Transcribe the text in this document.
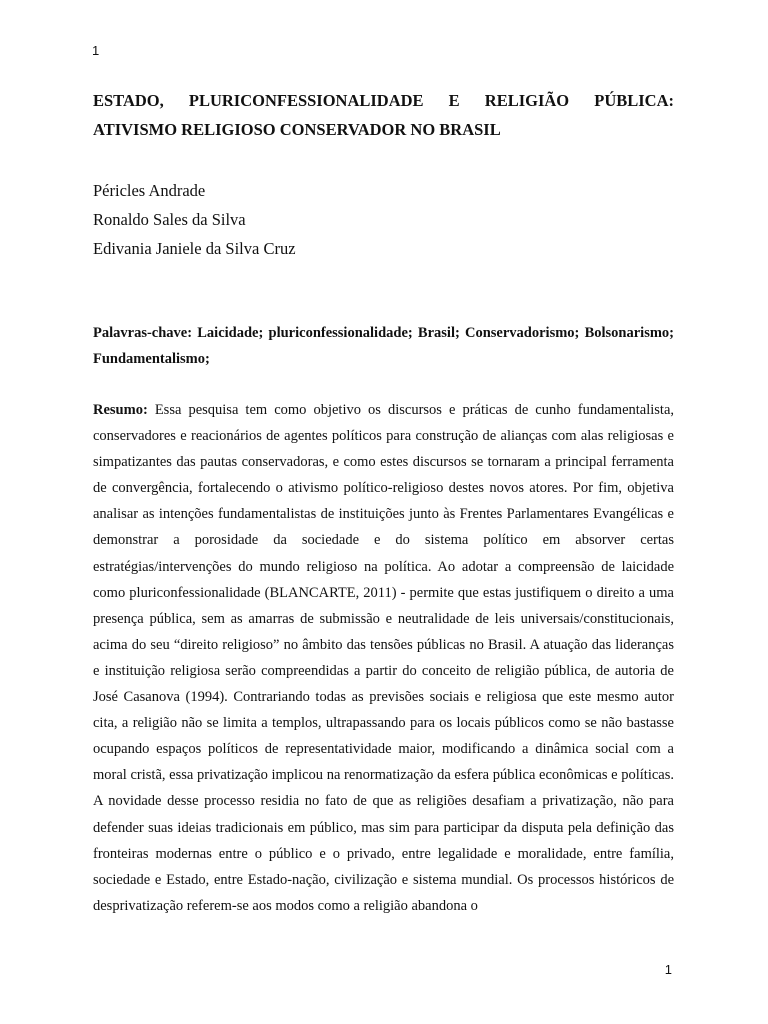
1
ESTADO, PLURICONFESSIONALIDADE E RELIGIÃO PÚBLICA:
ATIVISMO RELIGIOSO CONSERVADOR NO BRASIL
Péricles Andrade
Ronaldo Sales da Silva
Edivania Janiele da Silva Cruz

Palavras-chave: Laicidade; pluriconfessionalidade; Brasil; Conservadorismo; Bolsonarismo; Fundamentalismo;

Resumo: Essa pesquisa tem como objetivo os discursos e práticas de cunho fundamentalista, conservadores e reacionários de agentes políticos para construção de alianças com alas religiosas e simpatizantes das pautas conservadoras, e como estes discursos se tornaram a principal ferramenta de convergência, fortalecendo o ativismo político-religioso destes novos atores. Por fim, objetiva analisar as intenções fundamentalistas de instituições junto às Frentes Parlamentares Evangélicas e demonstrar a porosidade da sociedade e do sistema político em absorver certas estratégias/intervenções do mundo religioso na política. Ao adotar a compreensão de laicidade como pluriconfessionalidade (BLANCARTE, 2011) - permite que estas justifiquem o direito a uma presença pública, sem as amarras de submissão e neutralidade de leis universais/constitucionais, acima do seu “direito religioso” no âmbito das tensões públicas no Brasil. A atuação das lideranças e instituição religiosa serão compreendidas a partir do conceito de religião pública, de autoria de José Casanova (1994). Contrariando todas as previsões sociais e religiosa que este mesmo autor cita, a religião não se limita a templos, ultrapassando para os locais públicos como se não bastasse ocupando espaços políticos de representatividade maior, modificando a dinâmica social com a moral cristã, essa privatização implicou na renormatização da esfera pública econômicas e políticas. A novidade desse processo residia no fato de que as religiões desafiam a privatização, não para defender suas ideias tradicionais em público, mas sim para participar da disputa pela definição das fronteiras modernas entre o público e o privado, entre legalidade e moralidade, entre família, sociedade e Estado, entre Estado-nação, civilização e sistema mundial. Os processos históricos de desprivatização referem-se aos modos como a religião abandona o

1
